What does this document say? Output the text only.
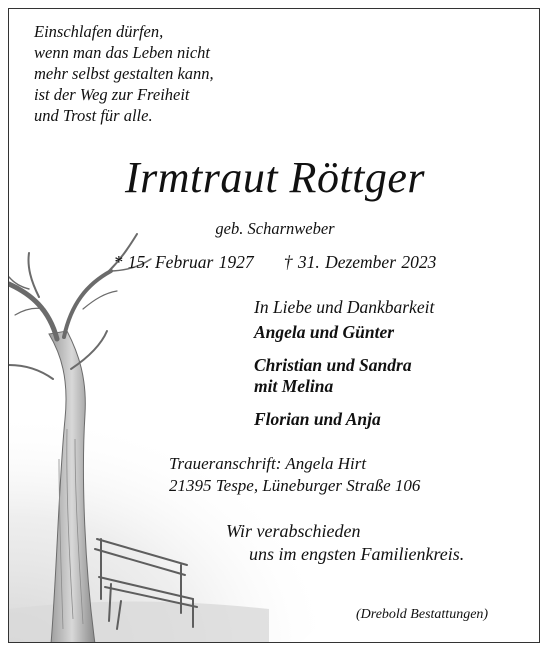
Einschlafen dürfen,
wenn man das Leben nicht
mehr selbst gestalten kann,
ist der Weg zur Freiheit
und Trost für alle.
Irmtraut Röttger
geb. Scharnweber
* 15. Februar 1927 † 31. Dezember 2023
In Liebe und Dankbarkeit
Angela und Günter
Christian und Sandra
mit Melina
Florian und Anja
Traueranschrift: Angela Hirt
21395 Tespe, Lüneburger Straße 106
Wir verabschieden
uns im engsten Familienkreis.
(Drebold Bestattungen)
